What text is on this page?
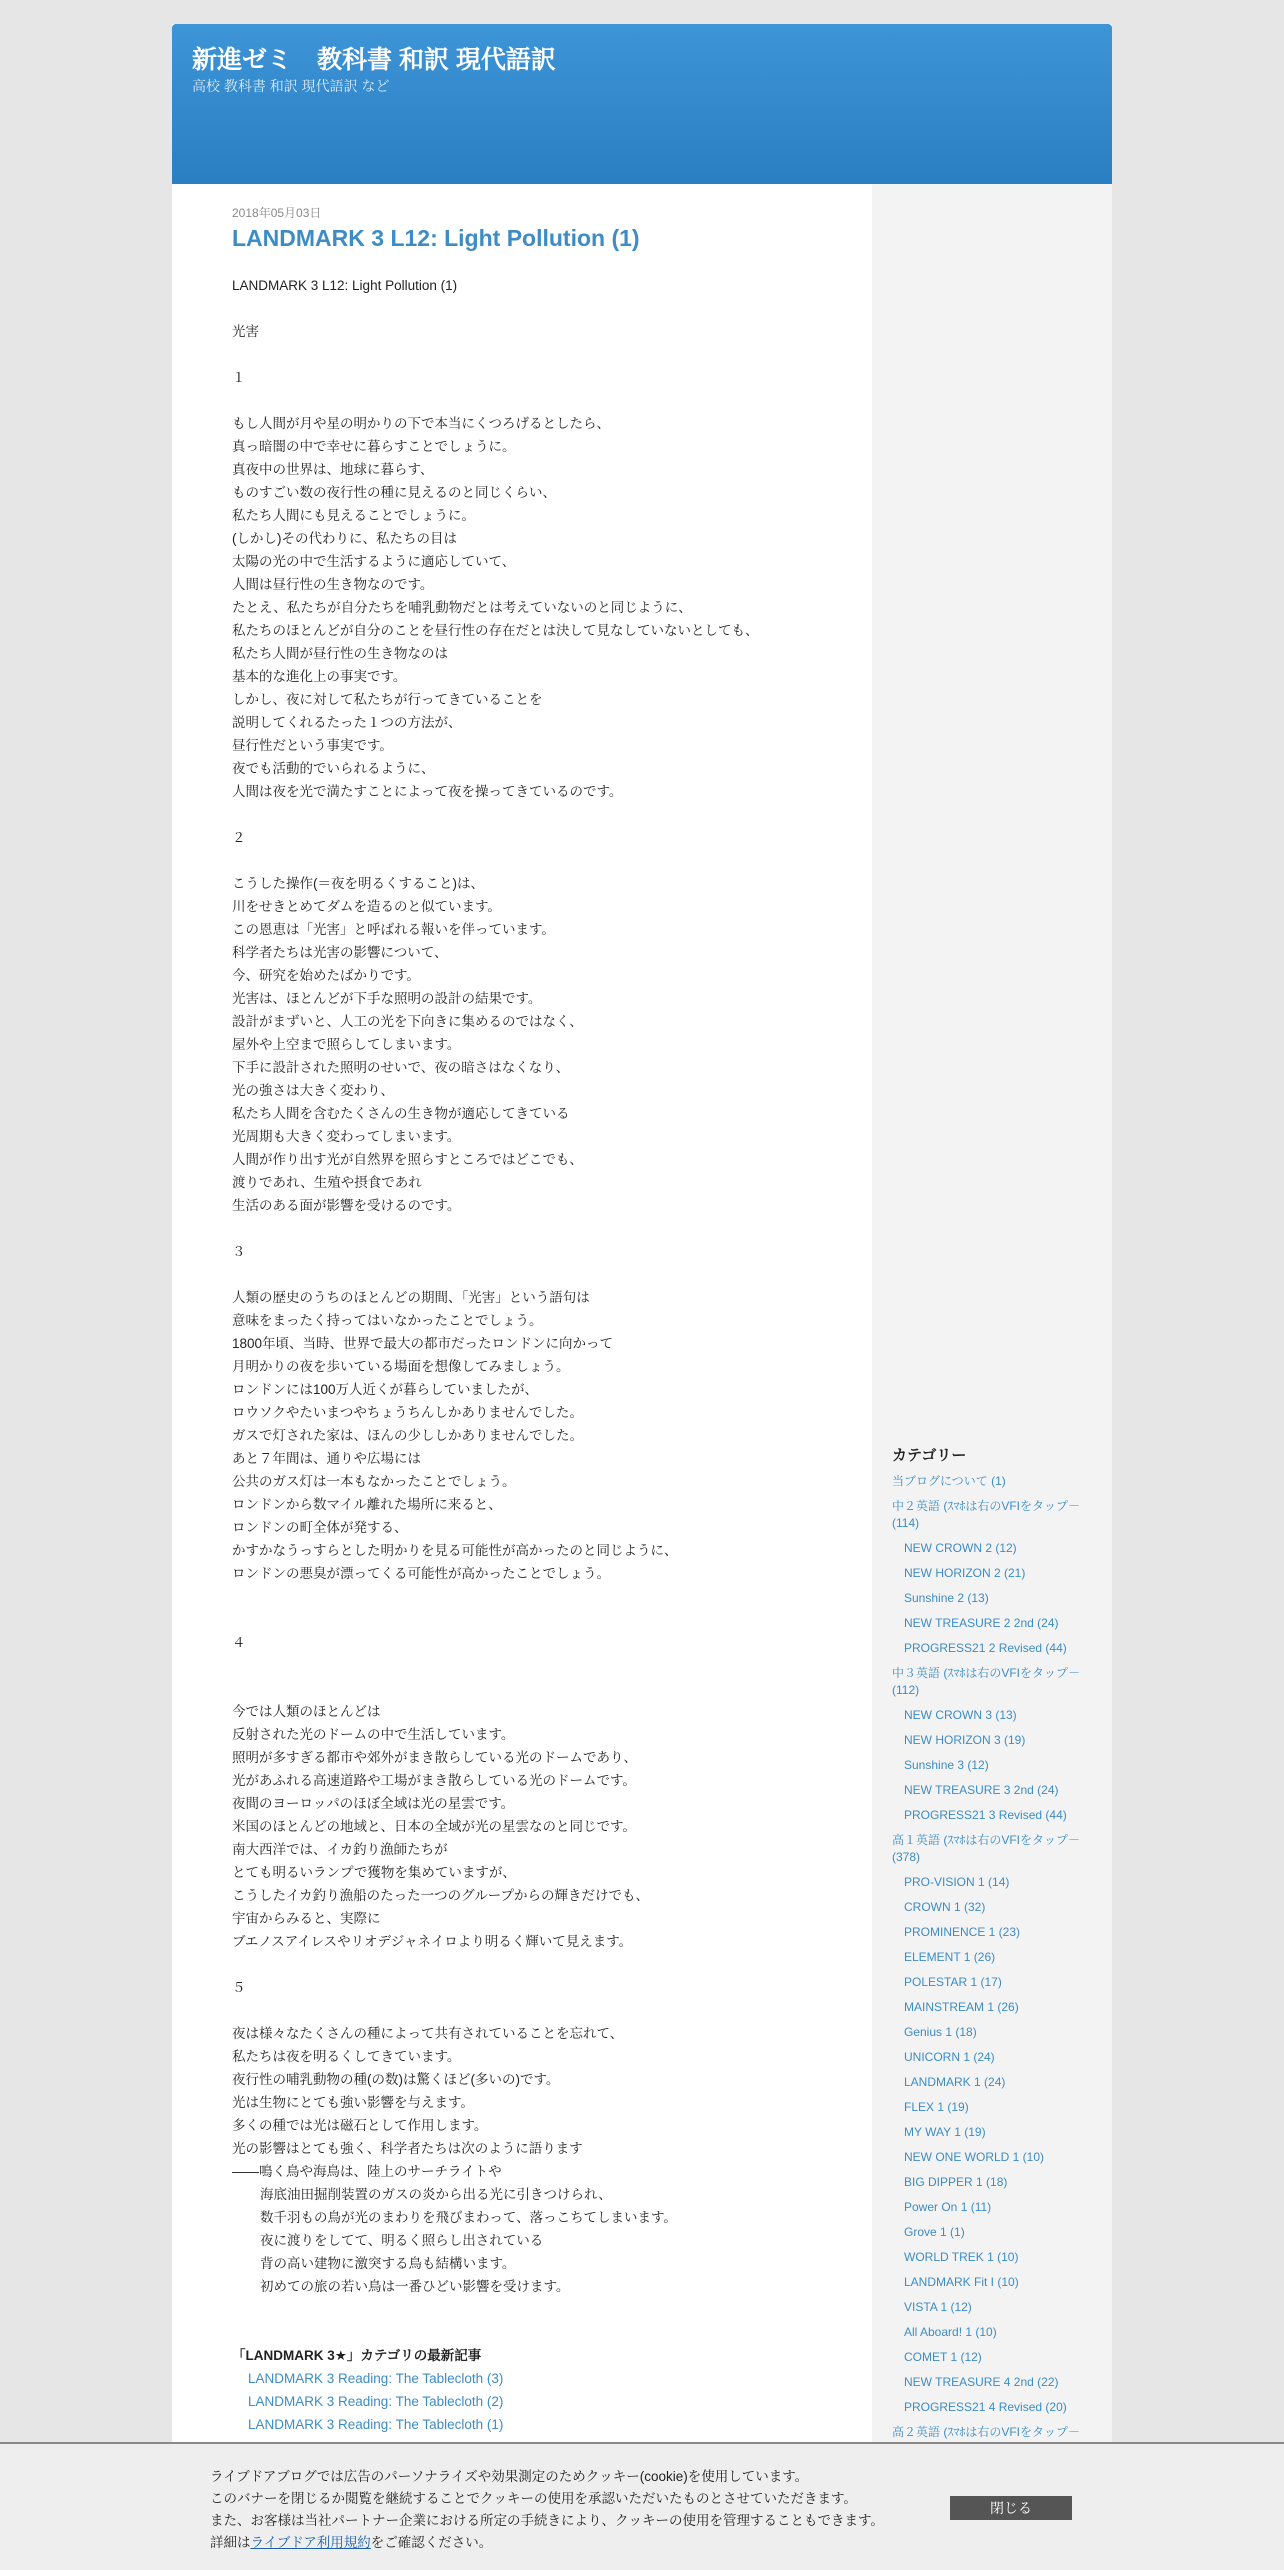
新進ゼミ　教科書 和訳 現代語訳
高校 教科書 和訳 現代語訳 など
2018年05月03日
LANDMARK 3 L12: Light Pollution (1)

LANDMARK 3 L12: Light Pollution (1)

光害

１

もし人間が月や星の明かりの下で本当にくつろげるとしたら、
真っ暗闇の中で幸せに暮らすことでしょうに。
真夜中の世界は、地球に暮らす、
ものすごい数の夜行性の種に見えるのと同じくらい、
私たち人間にも見えることでしょうに。
(しかし)その代わりに、私たちの目は
太陽の光の中で生活するように適応していて、
人間は昼行性の生き物なのです。
たとえ、私たちが自分たちを哺乳動物だとは考えていないのと同じように、
私たちのほとんどが自分のことを昼行性の存在だとは決して見なしていないとしても、
私たち人間が昼行性の生き物なのは
基本的な進化上の事実です。
しかし、夜に対して私たちが行ってきていることを
説明してくれるたった１つの方法が、
昼行性だという事実です。
夜でも活動的でいられるように、
人間は夜を光で満たすことによって夜を操ってきているのです。

２

こうした操作(＝夜を明るくすること)は、
川をせきとめてダムを造るのと似ています。
この恩恵は「光害」と呼ばれる報いを伴っています。
科学者たちは光害の影響について、
今、研究を始めたばかりです。
光害は、ほとんどが下手な照明の設計の結果です。
設計がまずいと、人工の光を下向きに集めるのではなく、
屋外や上空まで照らしてしまいます。
下手に設計された照明のせいで、夜の暗さはなくなり、
光の強さは大きく変わり、
私たち人間を含むたくさんの生き物が適応してきている
光周期も大きく変わってしまいます。
人間が作り出す光が自然界を照らすところではどこでも、
渡りであれ、生殖や摂食であれ
生活のある面が影響を受けるのです。

３

人類の歴史のうちのほとんどの期間、「光害」という語句は
意味をまったく持ってはいなかったことでしょう。
1800年頃、当時、世界で最大の都市だったロンドンに向かって
月明かりの夜を歩いている場面を想像してみましょう。
ロンドンには100万人近くが暮らしていましたが、
ロウソクやたいまつやちょうちんしかありませんでした。
ガスで灯された家は、ほんの少ししかありませんでした。
あと７年間は、通りや広場には
公共のガス灯は一本もなかったことでしょう。
ロンドンから数マイル離れた場所に来ると、
ロンドンの町全体が発する、
かすかなうっすらとした明かりを見る可能性が高かったのと同じように、
ロンドンの悪臭が漂ってくる可能性が高かったことでしょう。

４

今では人類のほとんどは
反射された光のドームの中で生活しています。
照明が多すぎる都市や郊外がまき散らしている光のドームであり、
光があふれる高速道路や工場がまき散らしている光のドームです。
夜間のヨーロッパのほぼ全域は光の星雲です。
米国のほとんどの地域と、日本の全域が光の星雲なのと同じです。
南大西洋では、イカ釣り漁師たちが
とても明るいランプで獲物を集めていますが、
こうしたイカ釣り漁船のたった一つのグループからの輝きだけでも、
宇宙からみると、実際に
ブエノスアイレスやリオデジャネイロより明るく輝いて見えます。

５

夜は様々なたくさんの種によって共有されていることを忘れて、
私たちは夜を明るくしてきています。
夜行性の哺乳動物の種(の数)は驚くほど(多いの)です。
光は生物にとても強い影響を与えます。
多くの種では光は磁石として作用します。
光の影響はとても強く、科学者たちは次のように語ります
――鳴く鳥や海鳥は、陸上のサーチライトや

海底油田掘削装置のガスの炎から出る光に引きつけられ、
数千羽もの鳥が光のまわりを飛びまわって、落っこちてしまいます。
夜に渡りをしてて、明るく照らし出されている
背の高い建物に激突する鳥も結構います。
初めての旅の若い鳥は一番ひどい影響を受けます。

「LANDMARK 3★」カテゴリの最新記事
LANDMARK 3 Reading: The Tablecloth (3)
LANDMARK 3 Reading: The Tablecloth (2)
LANDMARK 3 Reading: The Tablecloth (1)
カテゴリー
当ブログについて (1)
中２英語 (ｽﾏﾎは右のVFIをタップ－ (114)
NEW CROWN 2 (12)
NEW HORIZON 2 (21)
Sunshine 2 (13)
NEW TREASURE 2 2nd (24)
PROGRESS21 2 Revised (44)
中３英語 (ｽﾏﾎは右のVFIをタップ－ (112)
NEW CROWN 3 (13)
NEW HORIZON 3 (19)
Sunshine 3 (12)
NEW TREASURE 3 2nd (24)
PROGRESS21 3 Revised (44)
高１英語 (ｽﾏﾎは右のVFIをタップ－ (378)
PRO-VISION 1 (14)
CROWN 1 (32)
PROMINENCE 1 (23)
ELEMENT 1 (26)
POLESTAR 1 (17)
MAINSTREAM 1 (26)
Genius 1 (18)
UNICORN 1 (24)
LANDMARK 1 (24)
FLEX 1 (19)
MY WAY 1 (19)
NEW ONE WORLD 1 (10)
BIG DIPPER 1 (18)
Power On 1 (11)
Grove 1 (1)
WORLD TREK 1 (10)
LANDMARK Fit I (10)
VISTA 1 (12)
All Aboard! 1 (10)
COMET 1 (12)
NEW TREASURE 4 2nd (22)
PROGRESS21 4 Revised (20)
高２英語 (ｽﾏﾎは右のVFIをタップ－
ライブドアブログでは広告のパーソナライズや効果測定のためクッキー(cookie)を使用しています。
このバナーを閉じるか閲覧を継続することでクッキーの使用を承認いただいたものとさせていただきます。
また、お客様は当社パートナー企業における所定の手続きにより、クッキーの使用を管理することもできます。
詳細はライブドア利用規約をご確認ください。
閉じる
